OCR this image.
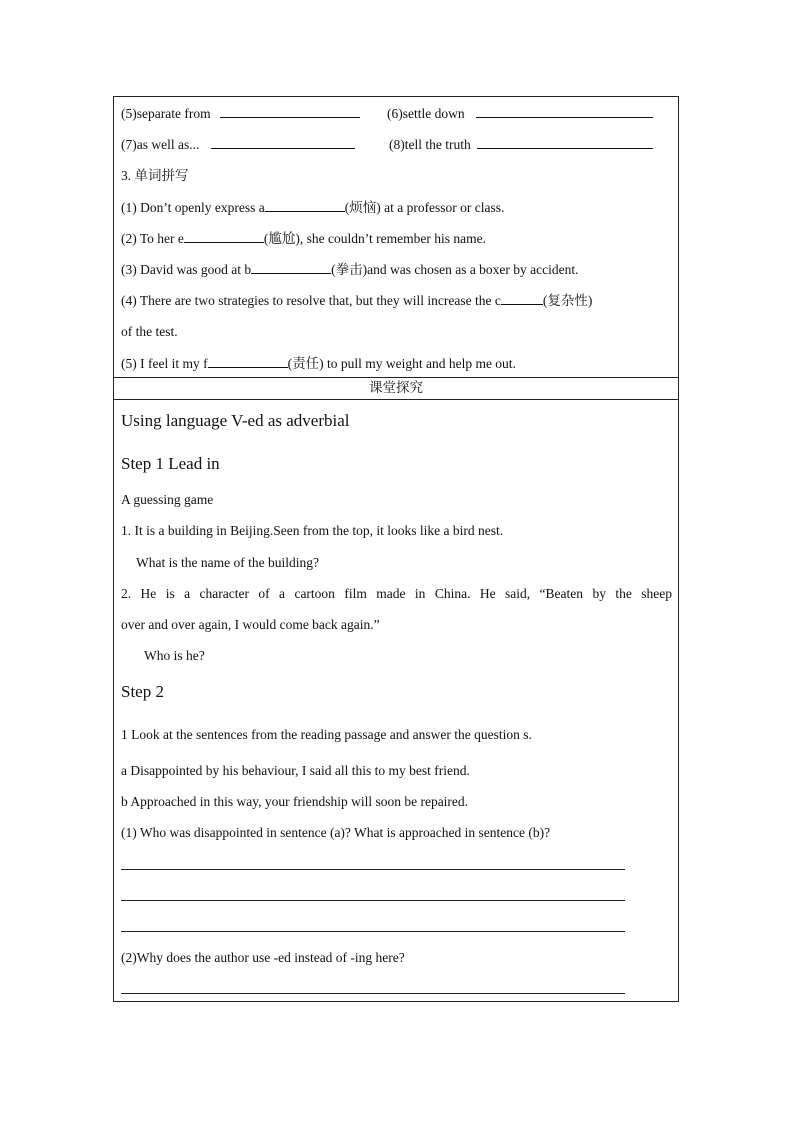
(5)separate from	(6)settle down
(7)as well as...	(8)tell the truth
3. 单词拼写
(1) Don’t openly express a	(烦恼) at a professor or class.
(2) To her e	(尴尬), she couldn’t remember his name.
(3) David was good at b	(拳击)and was chosen as a boxer by accident.
(4) There are two strategies to resolve that, but they will increase the c	(复杂性)
of the test.
(5) I feel it my f	(责任) to pull my weight and help me out.
课堂探究
Using language V-ed as adverbial
Step 1 Lead in
A guessing game
1. It is a building in Beijing.Seen from the top, it looks like a bird nest.
What is the name of the building?
2. He is a character of a cartoon film made in China. He said, “Beaten by the sheep
over and over again, I would come back again.”
Who is he?
Step 2
1 Look at the sentences from the reading passage and answer the question s.
a Disappointed by his behaviour, I said all this to my best friend.
b Approached in this way, your friendship will soon be repaired.
(1) Who was disappointed in sentence (a)? What is approached in sentence (b)?
(2)Why does the author use -ed instead of -ing here?
